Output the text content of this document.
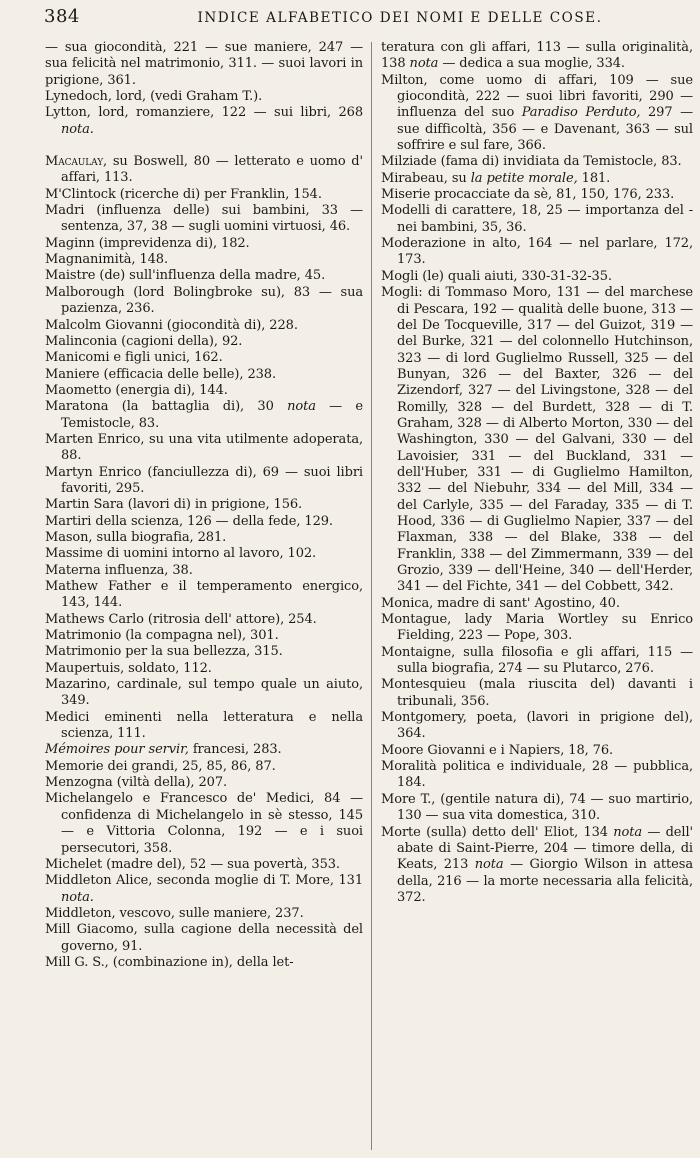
384	INDICE ALFABETICO DEI NOMI E DELLE COSE.

— sua giocondità, 221 — sue maniere, 247 — sua felicità nel matrimonio, 311. — suoi lavori in prigione, 361.

Lynedoch, lord, (vedi Graham T.).

Lytton, lord, romanziere, 122 — sui libri, 268 nota.

Macaulay, su Boswell, 80 — letterato e uomo d' affari, 113.

M'Clintock (ricerche di) per Franklin, 154.

Madri (influenza delle) sui bambini, 33 — sentenza, 37, 38 — sugli uomini virtuosi, 46.

Maginn (imprevidenza di), 182.

Magnanimità, 148.

Maistre (de) sull'influenza della madre, 45.

Malborough (lord Bolingbroke su), 83 — sua pazienza, 236.

Malcolm Giovanni (giocondità di), 228.

Malinconia (cagioni della), 92.

Manicomi e figli unici, 162.

Maniere (efficacia delle belle), 238.

Maometto (energia di), 144.

Maratona (la battaglia di), 30 nota — e Temistocle, 83.

Marten Enrico, su una vita utilmente adoperata, 88.

Martyn Enrico (fanciullezza di), 69 — suoi libri favoriti, 295.

Martin Sara (lavori di) in prigione, 156.

Martiri della scienza, 126 — della fede, 129.

Mason, sulla biografia, 281.

Massime di uomini intorno al lavoro, 102.

Materna influenza, 38.

Mathew Father e il temperamento energico, 143, 144.

Mathews Carlo (ritrosia dell' attore), 254.

Matrimonio (la compagna nel), 301.

Matrimonio per la sua bellezza, 315.

Maupertuis, soldato, 112.

Mazarino, cardinale, sul tempo quale un aiuto, 349.

Medici eminenti nella letteratura e nella scienza, 111.

Mémoires pour servir, francesi, 283.

Memorie dei grandi, 25, 85, 86, 87.

Menzogna (viltà della), 207.

Michelangelo e Francesco de' Medici, 84 — confidenza di Michelangelo in sè stesso, 145 — e Vittoria Colonna, 192 — e i suoi persecutori, 358.

Michelet (madre del), 52 — sua povertà, 353.

Middleton Alice, seconda moglie di T. More, 131 nota.

Middleton, vescovo, sulle maniere, 237.

Mill Giacomo, sulla cagione della necessità del governo, 91.

Mill G. S., (combinazione in), della let-

teratura con gli affari, 113 — sulla originalità, 138 nota — dedica a sua moglie, 334.

Milton, come uomo di affari, 109 — sue giocondità, 222 — suoi libri favoriti, 290 — influenza del suo Paradiso Perduto, 297 — sue difficoltà, 356 — e Davenant, 363 — sul soffrire e sul fare, 366.

Milziade (fama di) invidiata da Temistocle, 83.

Mirabeau, su la petite morale, 181.

Miserie procacciate da sè, 81, 150, 176, 233.

Modelli di carattere, 18, 25 — importanza del - nei bambini, 35, 36.

Moderazione in alto, 164 — nel parlare, 172, 173.

Mogli (le) quali aiuti, 330-31-32-35.

Mogli: di Tommaso Moro, 131 — del marchese di Pescara, 192 — qualità delle buone, 313 — del De Tocqueville, 317 — del Guizot, 319 — del Burke, 321 — del colonnello Hutchinson, 323 — di lord Guglielmo Russell, 325 — del Bunyan, 326 — del Baxter, 326 — del Zizendorf, 327 — del Livingstone, 328 — del Romilly, 328 — del Burdett, 328 — di T. Graham, 328 — di Alberto Morton, 330 — del Washington, 330 — del Galvani, 330 — del Lavoisier, 331 — del Buckland, 331 — dell'Huber, 331 — di Guglielmo Hamilton, 332 — del Niebuhr, 334 — del Mill, 334 — del Carlyle, 335 — del Faraday, 335 — di T. Hood, 336 — di Guglielmo Napier, 337 — del Flaxman, 338 — del Blake, 338 — del Franklin, 338 — del Zimmermann, 339 — del Grozio, 339 — dell'Heine, 340 — dell'Herder, 341 — del Fichte, 341 — del Cobbett, 342.

Monica, madre di sant' Agostino, 40.

Montague, lady Maria Wortley su Enrico Fielding, 223 — Pope, 303.

Montaigne, sulla filosofia e gli affari, 115 — sulla biografia, 274 — su Plutarco, 276.

Montesquieu (mala riuscita del) davanti i tribunali, 356.

Montgomery, poeta, (lavori in prigione del), 364.

Moore Giovanni e i Napiers, 18, 76.

Moralità politica e individuale, 28 — pubblica, 184.

More T., (gentile natura di), 74 — suo martirio, 130 — sua vita domestica, 310.

Morte (sulla) detto dell' Eliot, 134 nota — dell' abate di Saint-Pierre, 204 — timore della, di Keats, 213 nota — Giorgio Wilson in attesa della, 216 — la morte necessaria alla felicità, 372.
